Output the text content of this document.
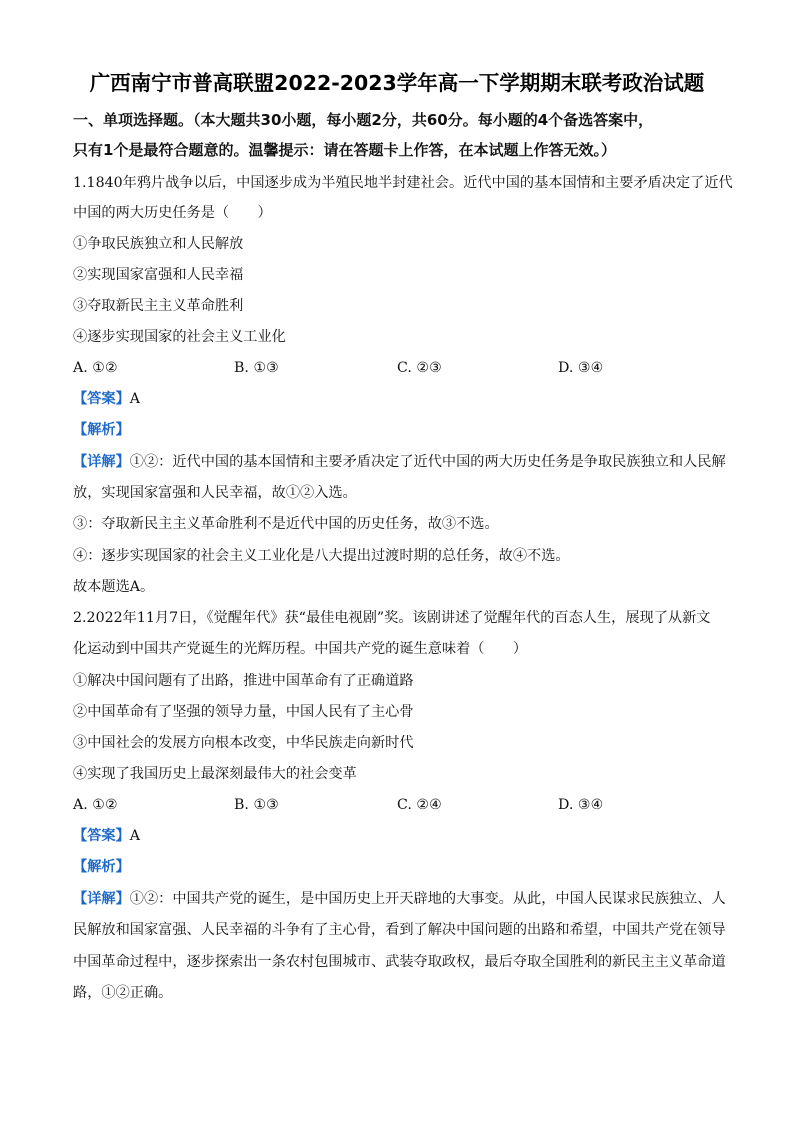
广西南宁市普高联盟2022-2023学年高一下学期期末联考政治试题
一、单项选择题。（本大题共30小题，每小题2分，共60分。每小题的4个备选答案中，
只有1个是最符合题意的。温馨提示：请在答题卡上作答，在本试题上作答无效。）
1.1840年鸦片战争以后，中国逐步成为半殖民地半封建社会。近代中国的基本国情和主要矛盾决定了近代
中国的两大历史任务是（　　）
①争取民族独立和人民解放
②实现国家富强和人民幸福
③夺取新民主主义革命胜利
④逐步实现国家的社会主义工业化
A. ①②	B. ①③	C. ②③	D. ③④
【答案】A
【解析】
【详解】①②：近代中国的基本国情和主要矛盾决定了近代中国的两大历史任务是争取民族独立和人民解
放，实现国家富强和人民幸福，故①②入选。
③：夺取新民主主义革命胜利不是近代中国的历史任务，故③不选。
④：逐步实现国家的社会主义工业化是八大提出过渡时期的总任务，故④不选。
故本题选A。
2.2022年11月7日，《觉醒年代》获“最佳电视剧”奖。该剧讲述了觉醒年代的百态人生，展现了从新文
化运动到中国共产党诞生的光辉历程。中国共产党的诞生意味着（　　）
①解决中国问题有了出路，推进中国革命有了正确道路
②中国革命有了坚强的领导力量，中国人民有了主心骨
③中国社会的发展方向根本改变，中华民族走向新时代
④实现了我国历史上最深刻最伟大的社会变革
A. ①②	B. ①③	C. ②④	D. ③④
【答案】A
【解析】
【详解】①②：中国共产党的诞生，是中国历史上开天辟地的大事变。从此，中国人民谋求民族独立、人
民解放和国家富强、人民幸福的斗争有了主心骨，看到了解决中国问题的出路和希望，中国共产党在领导
中国革命过程中，逐步探索出一条农村包围城市、武装夺取政权，最后夺取全国胜利的新民主主义革命道
路，①②正确。
